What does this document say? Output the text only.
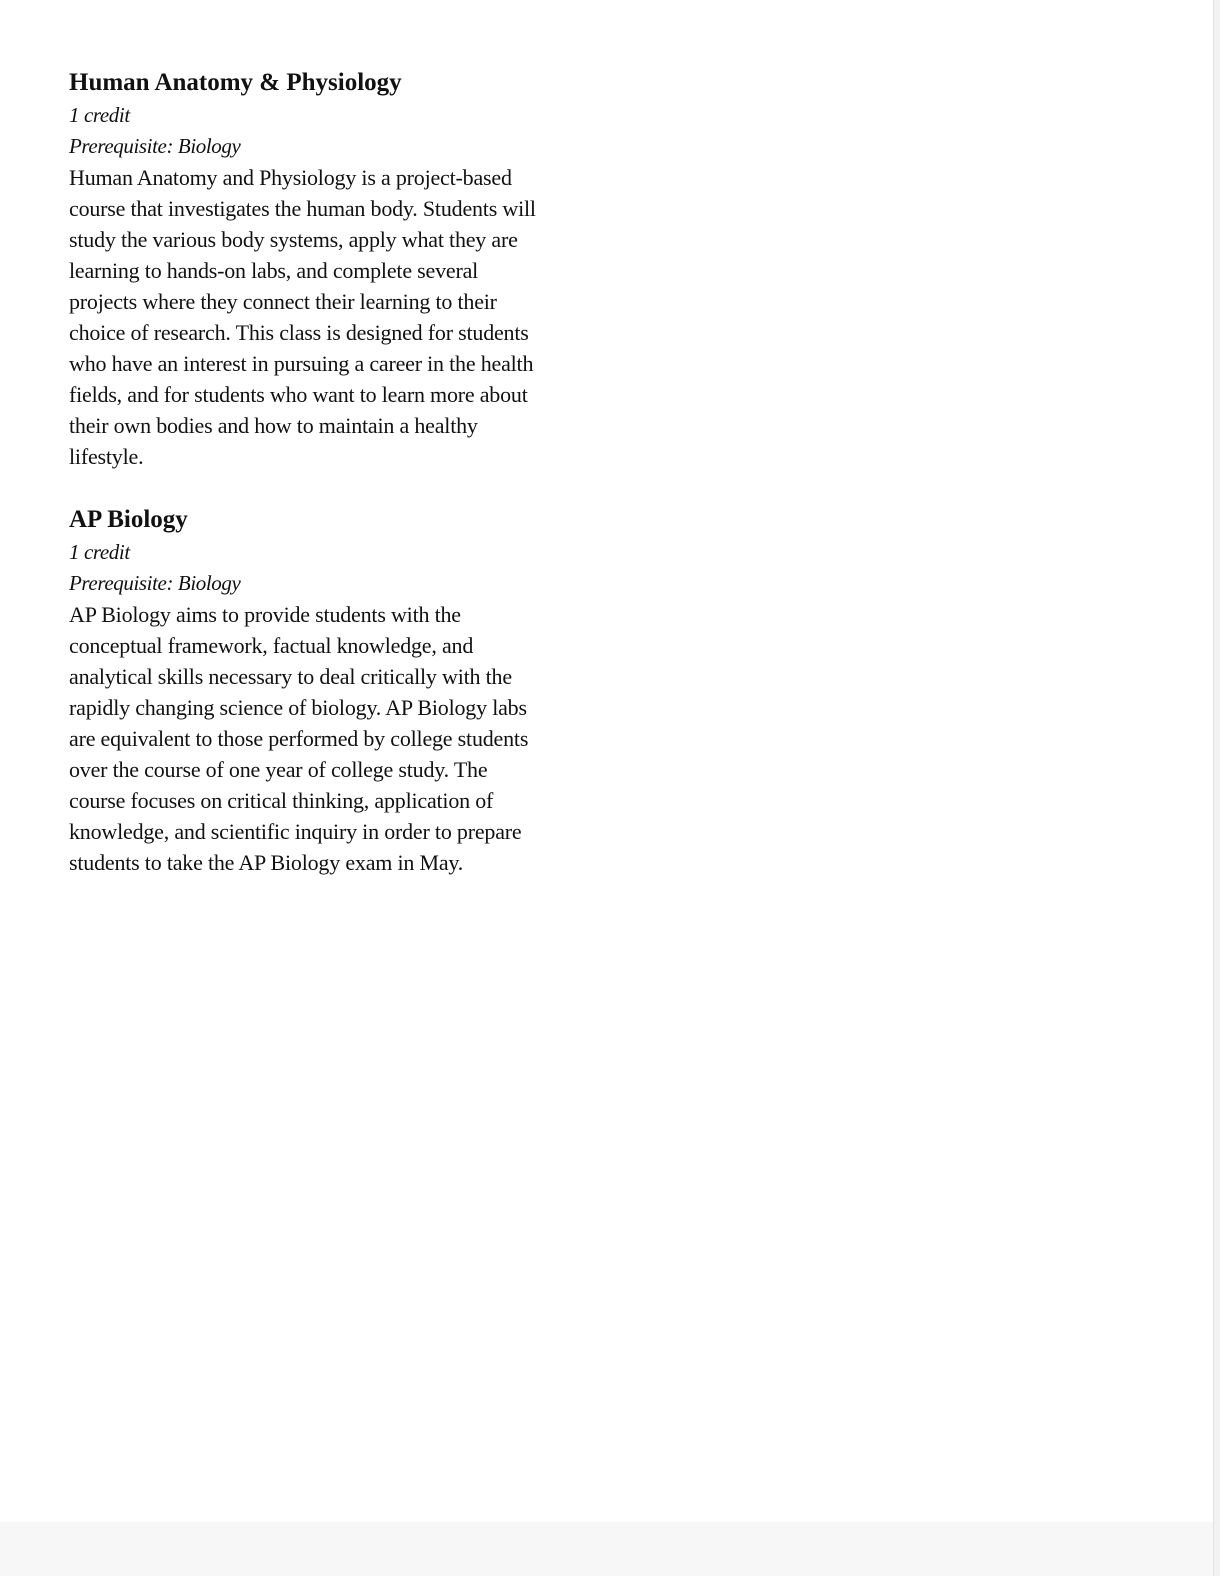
Human Anatomy & Physiology

1 credit

Prerequisite: Biology

Human Anatomy and Physiology is a project-based
course that investigates the human body. Students will
study the various body systems, apply what they are
learning to hands-on labs, and complete several
projects where they connect their learning to their
choice of research. This class is designed for students
who have an interest in pursuing a career in the health
fields, and for students who want to learn more about
their own bodies and how to maintain a healthy
lifestyle.

AP Biology

1 credit

Prerequisite: Biology

AP Biology aims to provide students with the
conceptual framework, factual knowledge, and
analytical skills necessary to deal critically with the
rapidly changing science of biology. AP Biology labs
are equivalent to those performed by college students
over the course of one year of college study. The
course focuses on critical thinking, application of
knowledge, and scientific inquiry in order to prepare
students to take the AP Biology exam in May.
